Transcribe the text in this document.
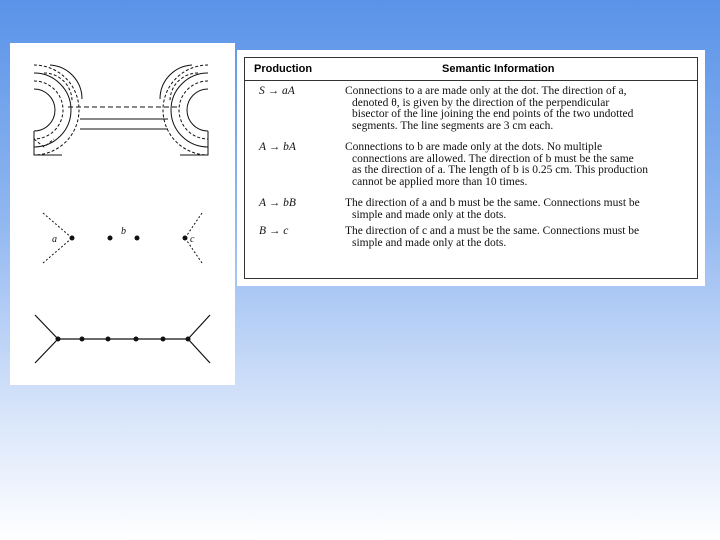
a
b
c
Production	Semantic Information
S → aA	Connections to a are made only at the dot. The direction of a,
denoted θ, is given by the direction of the perpendicular
bisector of the line joining the end points of the two undotted
segments. The line segments are 3 cm each.
A → bA	Connections to b are made only at the dots. No multiple
connections are allowed. The direction of b must be the same
as the direction of a. The length of b is 0.25 cm. This production
cannot be applied more than 10 times.
A → bB	The direction of a and b must be the same. Connections must be
simple and made only at the dots.
B → c	The direction of c and a must be the same. Connections must be
simple and made only at the dots.
